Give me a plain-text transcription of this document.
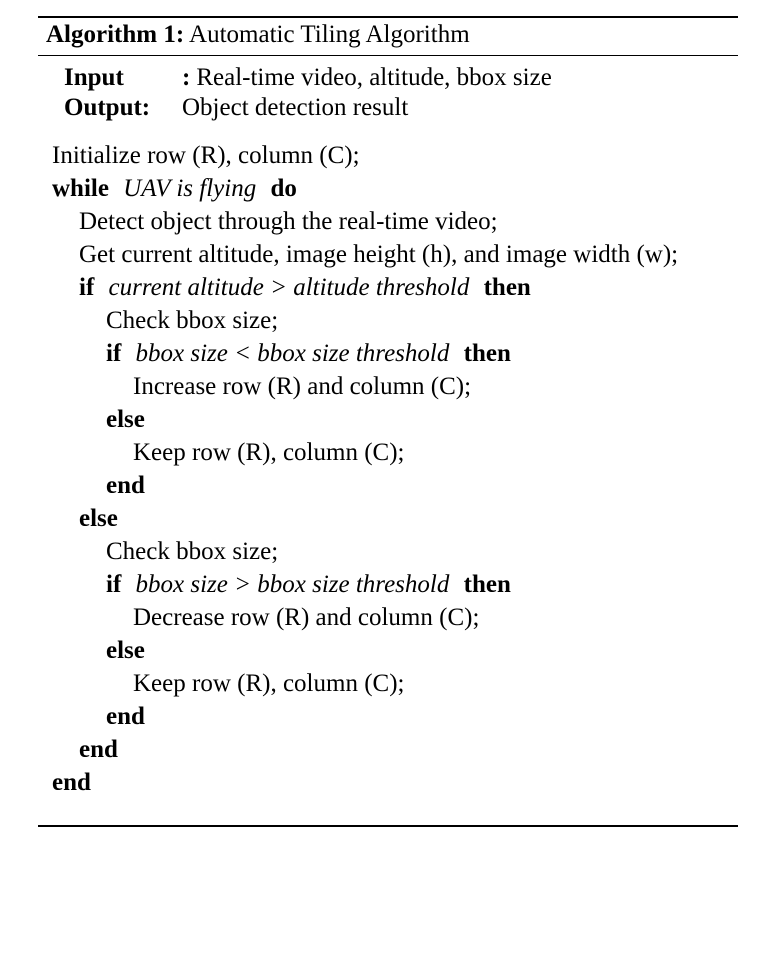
Algorithm 1: Automatic Tiling Algorithm
Input	: Real-time video, altitude, bbox size
Output:	Object detection result
Initialize row (R), column (C);
while UAV is flying do
Detect object through the real-time video;
Get current altitude, image height (h), and image width (w);
if current altitude > altitude threshold then
Check bbox size;
if bbox size < bbox size threshold then
Increase row (R) and column (C);
else
Keep row (R), column (C);
end
else
Check bbox size;
if bbox size > bbox size threshold then
Decrease row (R) and column (C);
else
Keep row (R), column (C);
end
end
end
